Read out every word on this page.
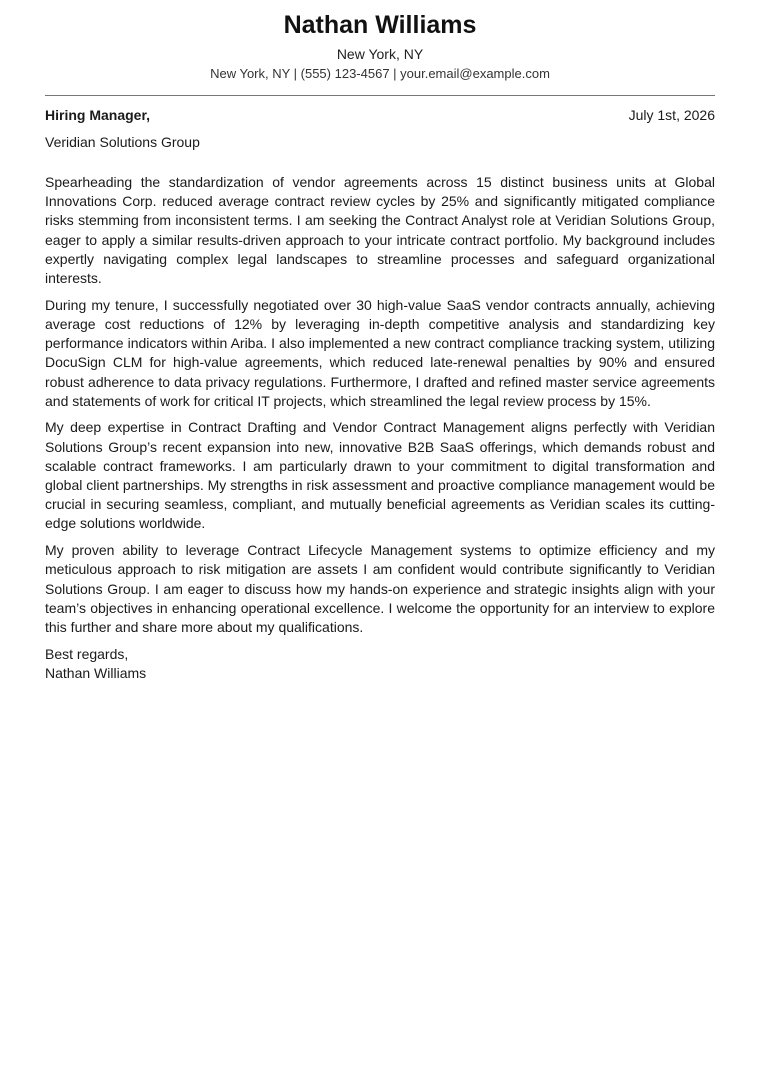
Nathan Williams
New York, NY
New York, NY | (555) 123-4567 | your.email@example.com
Hiring Manager,	July 1st, 2026
Veridian Solutions Group

Spearheading the standardization of vendor agreements across 15 distinct business units at Global Innovations Corp. reduced average contract review cycles by 25% and significantly mitigated compliance risks stemming from inconsistent terms. I am seeking the Contract Analyst role at Veridian Solutions Group, eager to apply a similar results-driven approach to your intricate contract portfolio. My background includes expertly navigating complex legal landscapes to streamline processes and safeguard organizational interests.

During my tenure, I successfully negotiated over 30 high-value SaaS vendor contracts annually, achieving average cost reductions of 12% by leveraging in-depth competitive analysis and standardizing key performance indicators within Ariba. I also implemented a new contract compliance tracking system, utilizing DocuSign CLM for high-value agreements, which reduced late-renewal penalties by 90% and ensured robust adherence to data privacy regulations. Furthermore, I drafted and refined master service agreements and statements of work for critical IT projects, which streamlined the legal review process by 15%.

My deep expertise in Contract Drafting and Vendor Contract Management aligns perfectly with Veridian Solutions Group’s recent expansion into new, innovative B2B SaaS offerings, which demands robust and scalable contract frameworks. I am particularly drawn to your commitment to digital transformation and global client partnerships. My strengths in risk assessment and proactive compliance management would be crucial in securing seamless, compliant, and mutually beneficial agreements as Veridian scales its cutting-edge solutions worldwide.

My proven ability to leverage Contract Lifecycle Management systems to optimize efficiency and my meticulous approach to risk mitigation are assets I am confident would contribute significantly to Veridian Solutions Group. I am eager to discuss how my hands-on experience and strategic insights align with your team’s objectives in enhancing operational excellence. I welcome the opportunity for an interview to explore this further and share more about my qualifications.

Best regards,
Nathan Williams
